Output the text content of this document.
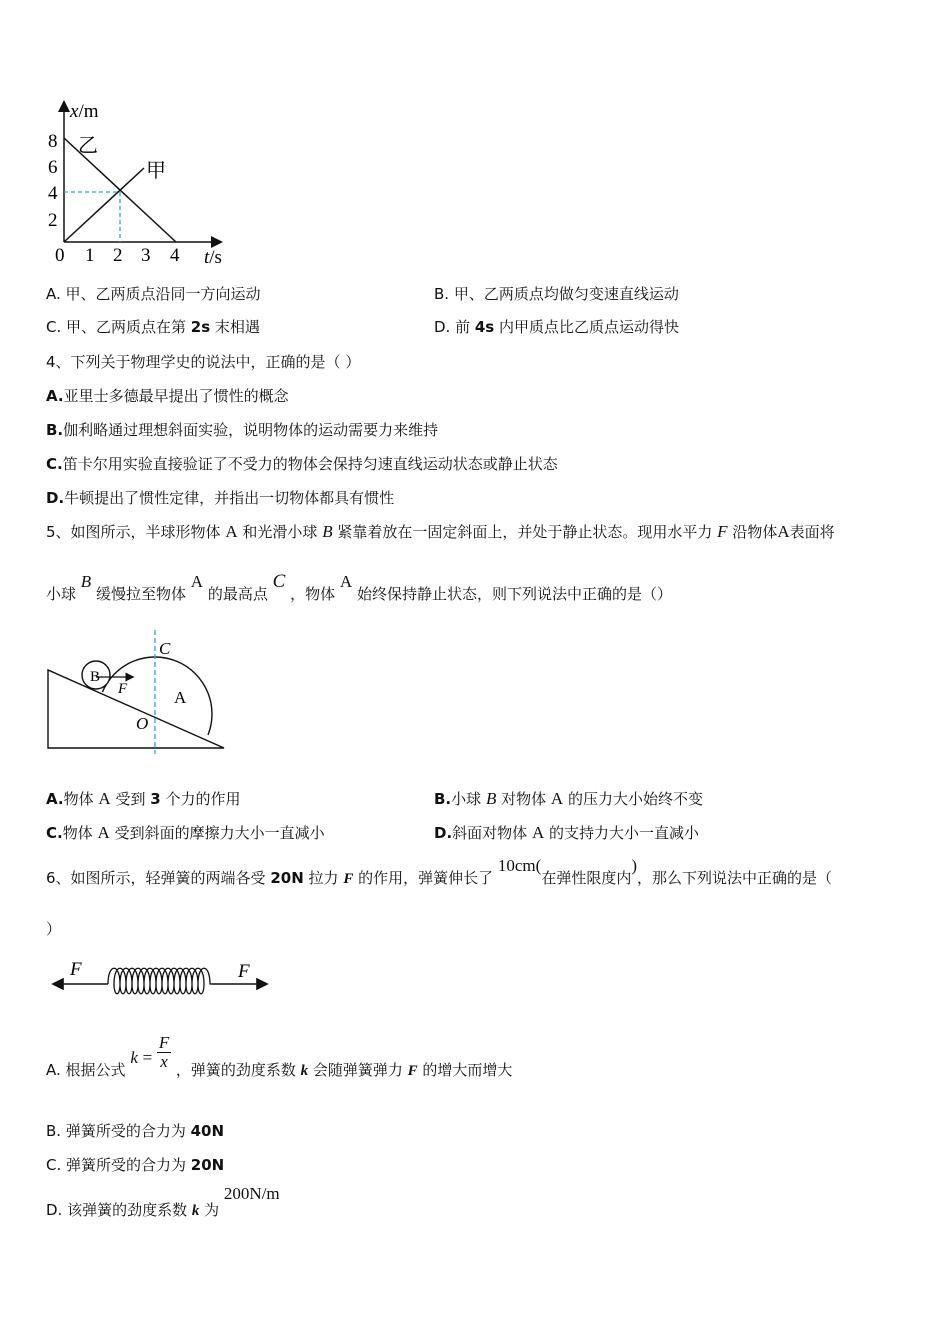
x/m
t/s
8
6
4
2
0 1 2 3 4
乙
甲
A. 甲、乙两质点沿同一方向运动	B. 甲、乙两质点均做匀变速直线运动
C. 甲、乙两质点在第 2s 末相遇	D. 前 4s 内甲质点比乙质点运动得快
4、下列关于物理学史的说法中，正确的是（ ）
A.亚里士多德最早提出了惯性的概念
B.伽利略通过理想斜面实验，说明物体的运动需要力来维持
C.笛卡尔用实验直接验证了不受力的物体会保持匀速直线运动状态或静止状态
D.牛顿提出了惯性定律，并指出一切物体都具有惯性
5、如图所示，半球形物体 A 和光滑小球 B 紧靠着放在一固定斜面上，并处于静止状态。现用水平力 F 沿物体A表面将
小球 B 缓慢拉至物体 A 的最高点 C ，物体 A 始终保持静止状态，则下列说法中正确的是（）
C
B
F	A
O
A.物体 A 受到 3 个力的作用	B.小球 B 对物体 A 的压力大小始终不变
C.物体 A 受到斜面的摩擦力大小一直减小	D.斜面对物体 A 的支持力大小一直减小
6、如图所示，轻弹簧的两端各受 20N 拉力 F 的作用，弹簧伸长了 10cm(在弹性限度内)，那么下列说法中正确的是（
）
F	F
A. 根据公式 $k = \frac{F}{x}$ ，弹簧的劲度系数 k 会随弹簧弹力 F 的增大而增大
B. 弹簧所受的合力为 40N
C. 弹簧所受的合力为 20N
D. 该弹簧的劲度系数 k 为 200N/m
